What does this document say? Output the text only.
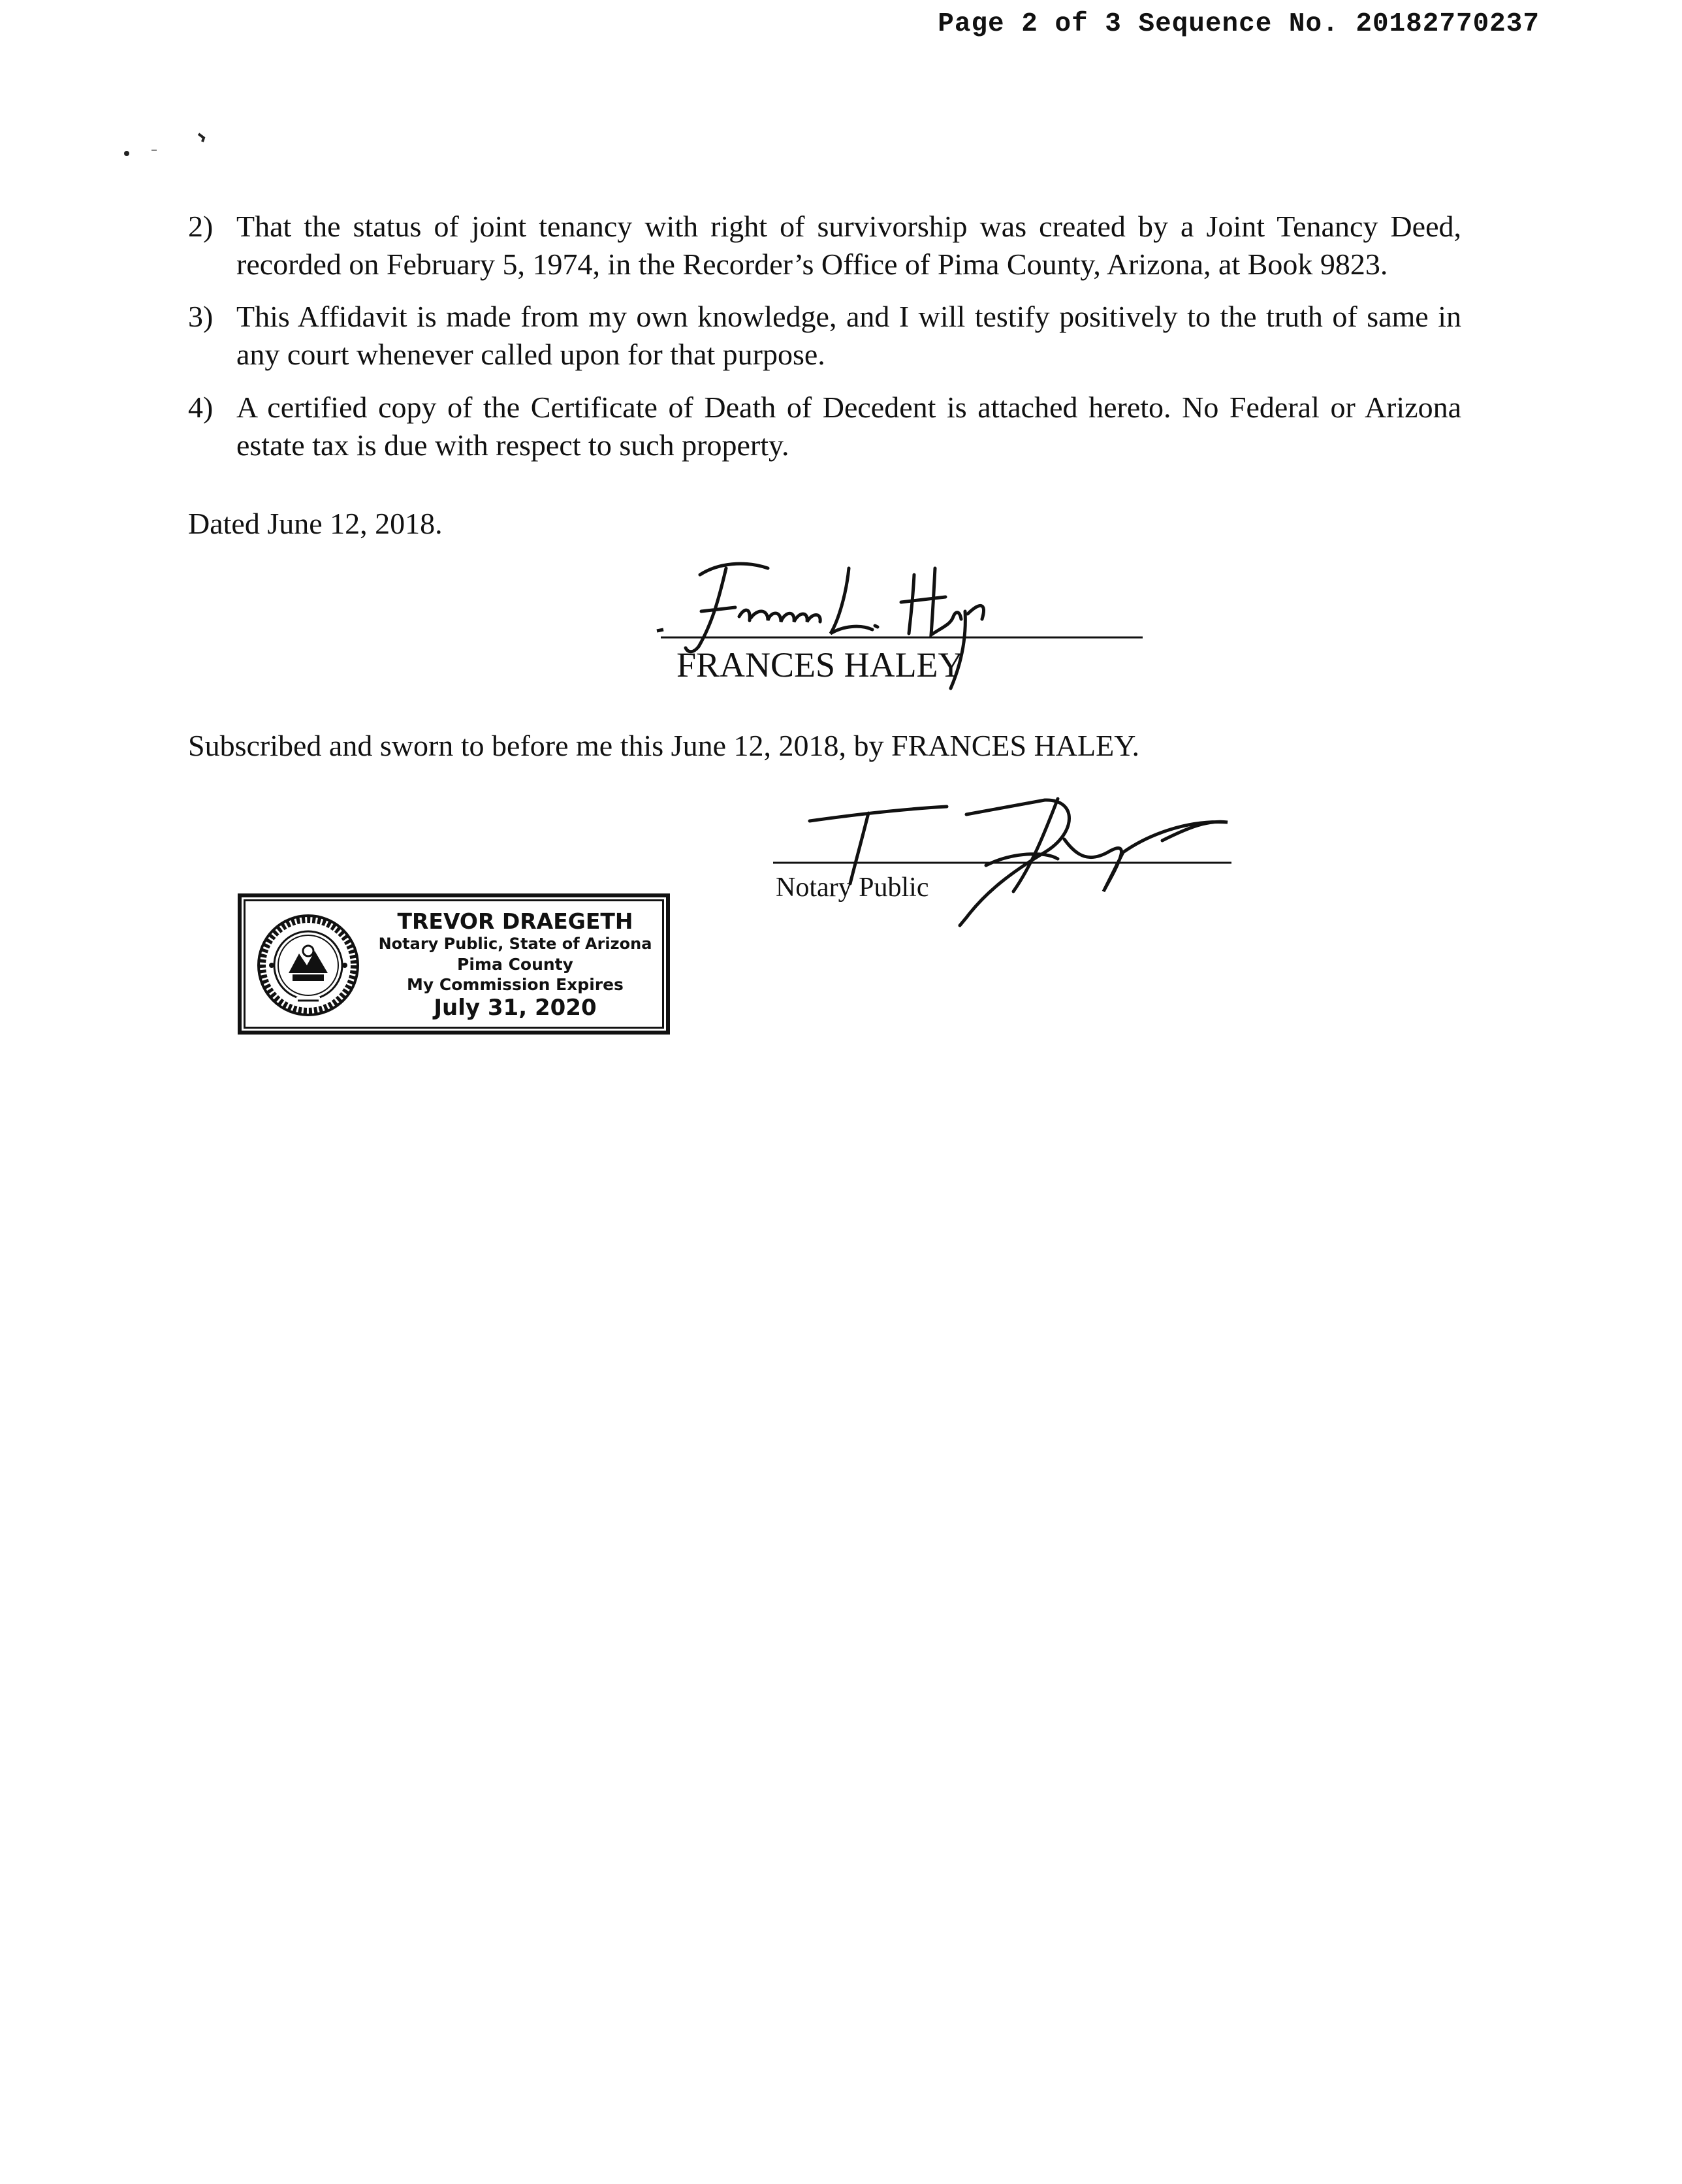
Page 2 of 3 Sequence No. 20182770237
2) That the status of joint tenancy with right of survivorship was created by a Joint Tenancy Deed, recorded on February 5, 1974, in the Recorder’s Office of Pima County, Arizona, at Book 9823.
3) This Affidavit is made from my own knowledge, and I will testify positively to the truth of same in any court whenever called upon for that purpose.
4) A certified copy of the Certificate of Death of Decedent is attached hereto. No Federal or Arizona estate tax is due with respect to such property.
Dated June 12, 2018.
FRANCES HALEY
Subscribed and sworn to before me this June 12, 2018, by FRANCES HALEY.
Notary Public
TREVOR DRAEGETH
Notary Public, State of Arizona
Pima County
My Commission Expires
July 31, 2020
